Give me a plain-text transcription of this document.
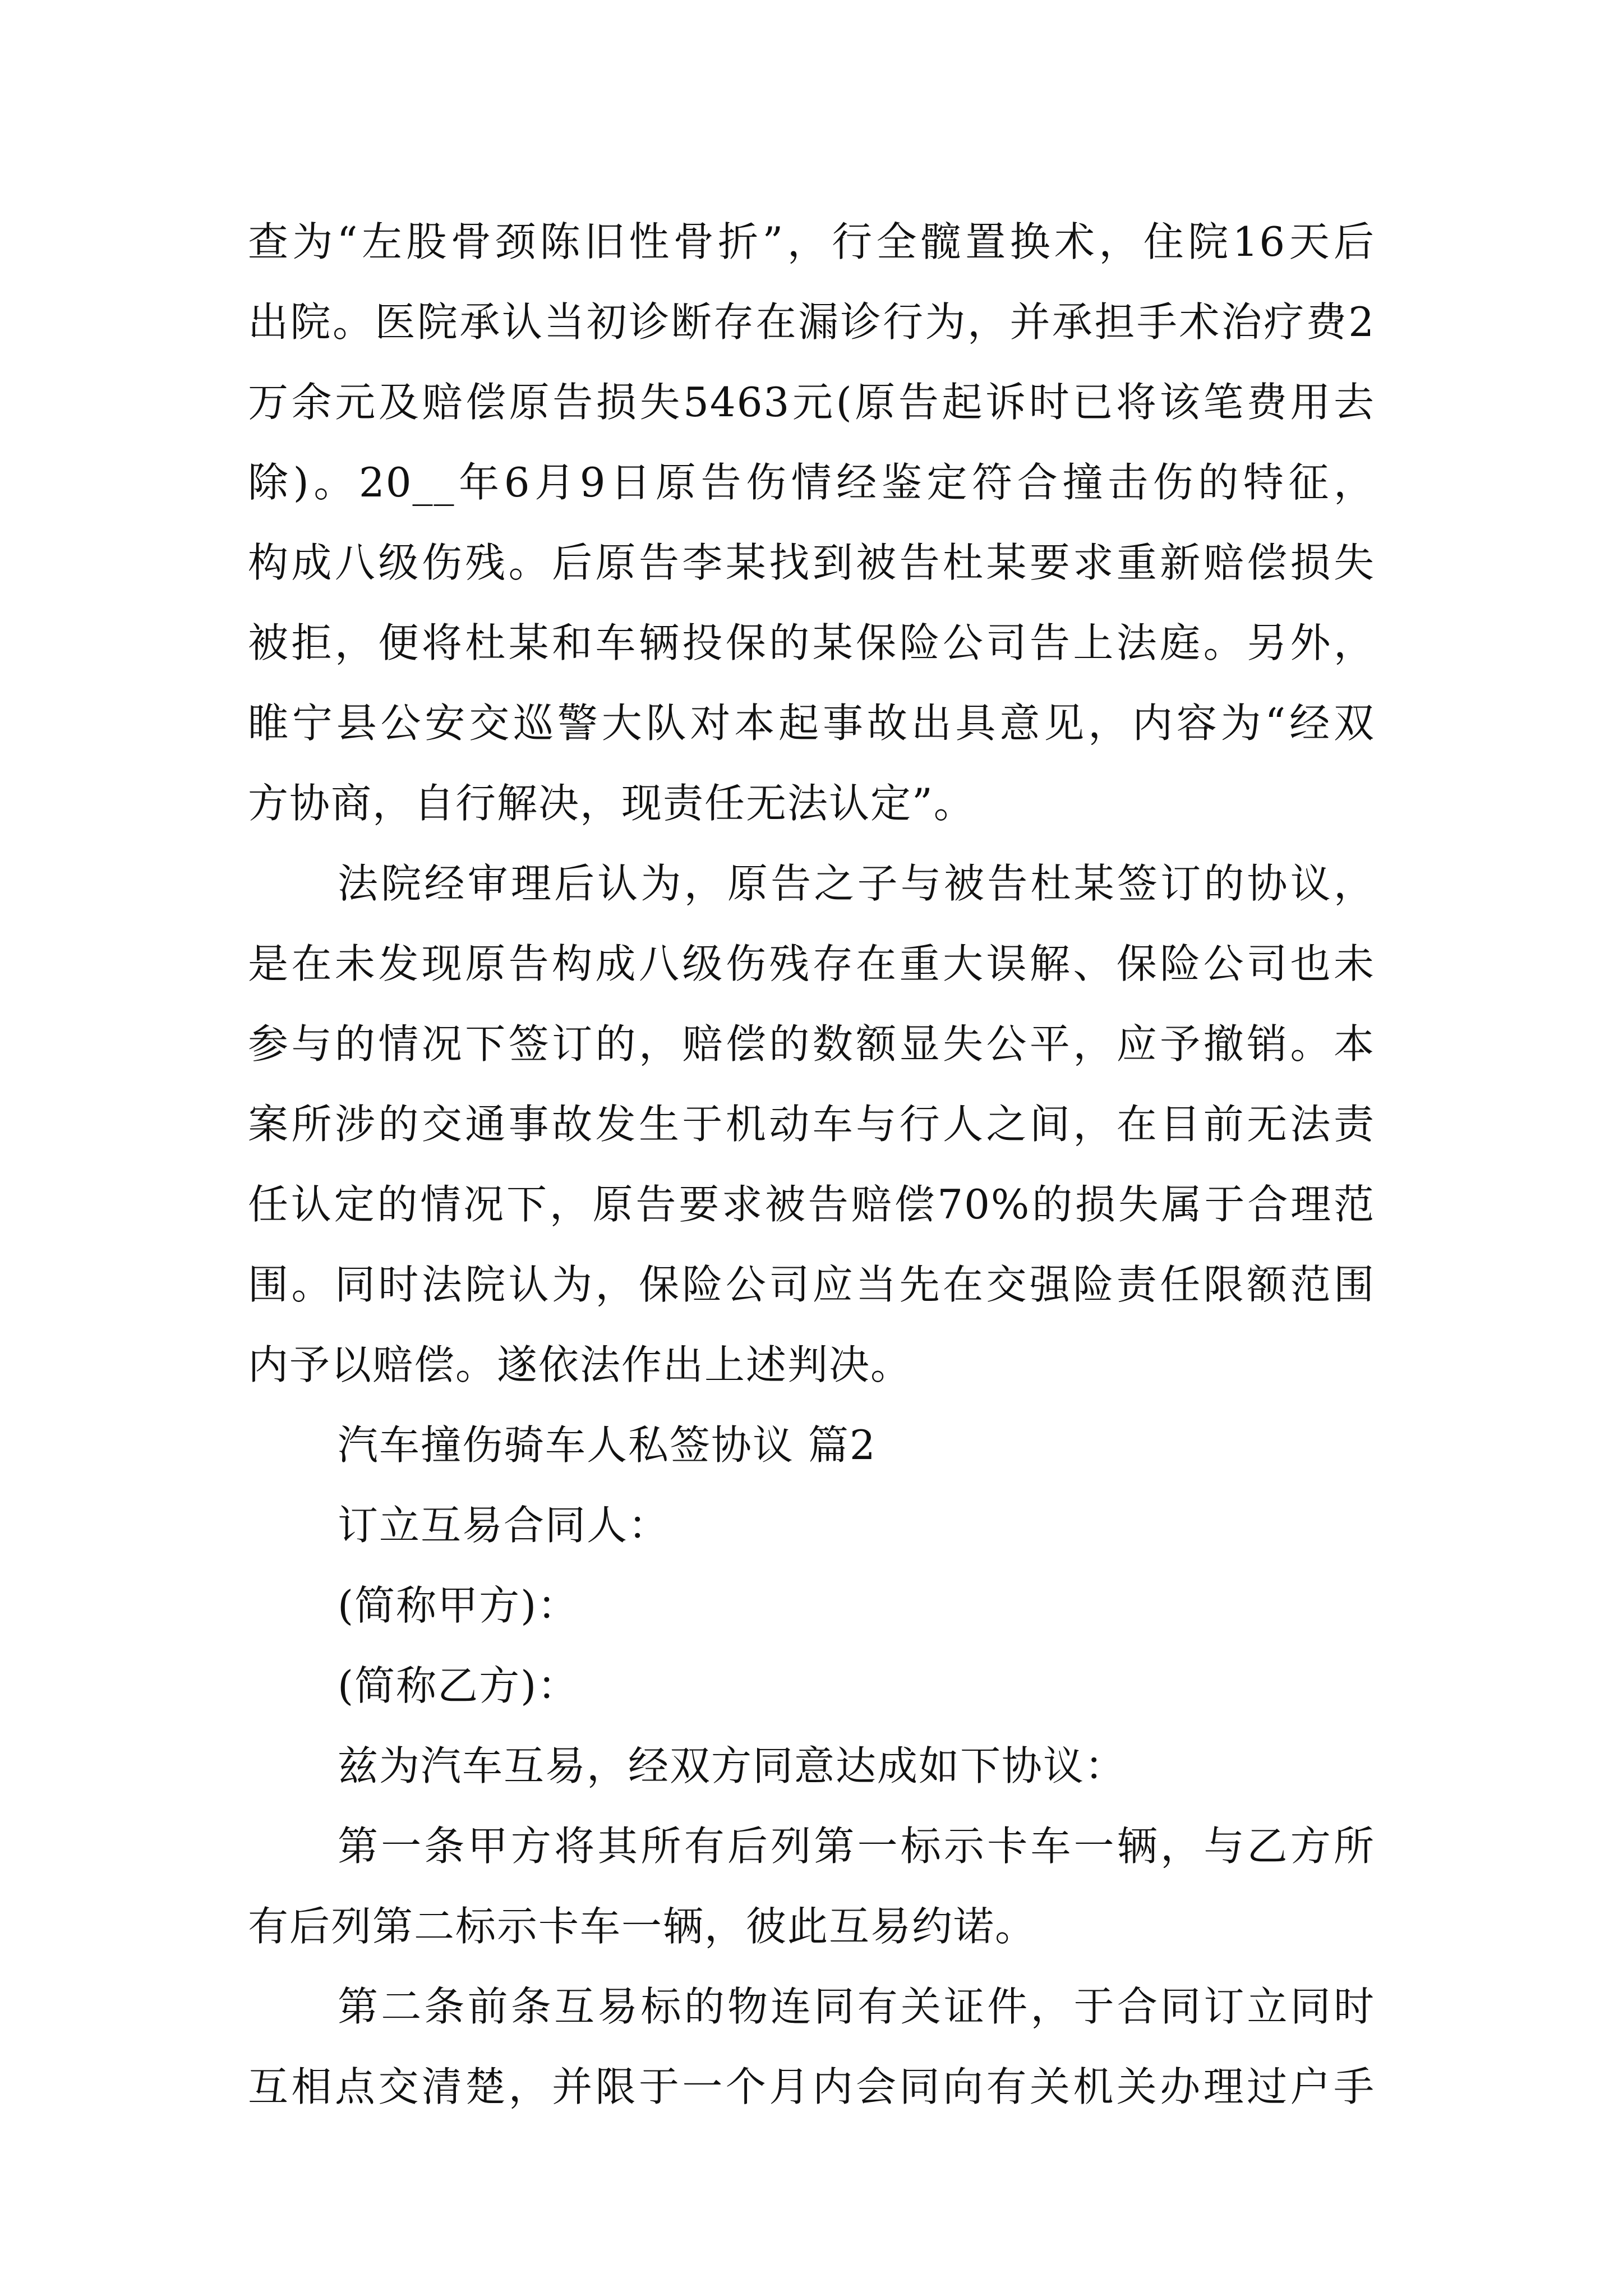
查为“左股骨颈陈旧性骨折”，行全髋置换术，住院16天后
出院。医院承认当初诊断存在漏诊行为，并承担手术治疗费2
万余元及赔偿原告损失5463元(原告起诉时已将该笔费用去
除)。20__年6月9日原告伤情经鉴定符合撞击伤的特征，
构成八级伤残。后原告李某找到被告杜某要求重新赔偿损失
被拒，便将杜某和车辆投保的某保险公司告上法庭。另外，
睢宁县公安交巡警大队对本起事故出具意见，内容为“经双
方协商，自行解决，现责任无法认定”。
法院经审理后认为，原告之子与被告杜某签订的协议，
是在未发现原告构成八级伤残存在重大误解、保险公司也未
参与的情况下签订的，赔偿的数额显失公平，应予撤销。本
案所涉的交通事故发生于机动车与行人之间，在目前无法责
任认定的情况下，原告要求被告赔偿70%的损失属于合理范
围。同时法院认为，保险公司应当先在交强险责任限额范围
内予以赔偿。遂依法作出上述判决。
汽车撞伤骑车人私签协议 篇2
订立互易合同人：
(简称甲方)：
(简称乙方)：
兹为汽车互易，经双方同意达成如下协议：
第一条甲方将其所有后列第一标示卡车一辆，与乙方所
有后列第二标示卡车一辆，彼此互易约诺。
第二条前条互易标的物连同有关证件，于合同订立同时
互相点交清楚，并限于一个月内会同向有关机关办理过户手
